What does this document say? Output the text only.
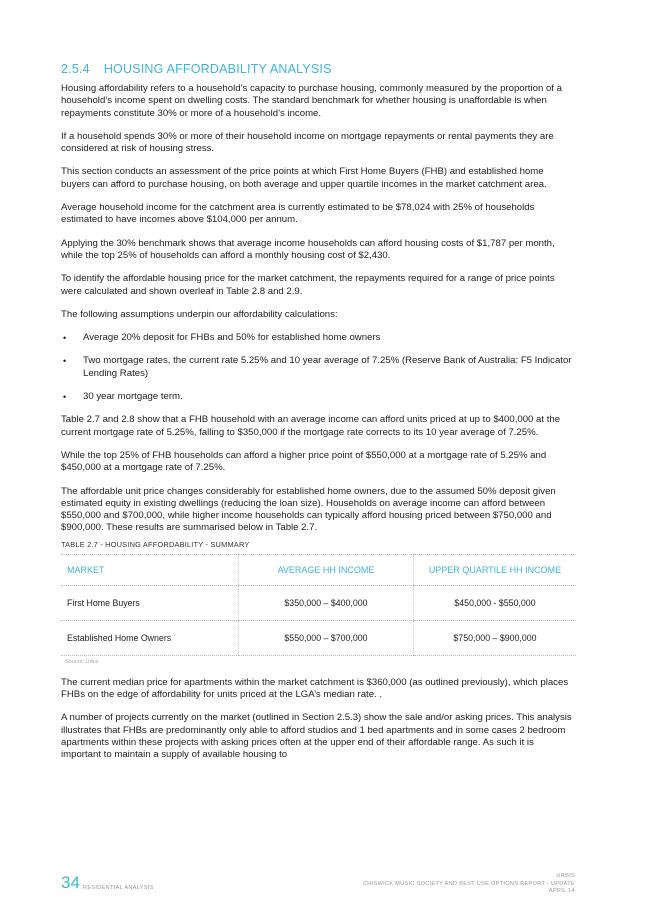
2.5.4 HOUSING AFFORDABILITY ANALYSIS

Housing affordability refers to a household’s capacity to purchase housing, commonly measured by the proportion of a household’s income spent on dwelling costs. The standard benchmark for whether housing is unaffordable is when repayments constitute 30% or more of a household’s income.

If a household spends 30% or more of their household income on mortgage repayments or rental payments they are considered at risk of housing stress.

This section conducts an assessment of the price points at which First Home Buyers (FHB) and established home buyers can afford to purchase housing, on both average and upper quartile incomes in the market catchment area.

Average household income for the catchment area is currently estimated to be $78,024 with 25% of households estimated to have incomes above $104,000 per annum.

Applying the 30% benchmark shows that average income households can afford housing costs of $1,787 per month, while the top 25% of households can afford a monthly housing cost of $2,430.

To identify the affordable housing price for the market catchment, the repayments required for a range of price points were calculated and shown overleaf in Table 2.8 and 2.9.

The following assumptions underpin our affordability calculations:

• Average 20% deposit for FHBs and 50% for established home owners
• Two mortgage rates, the current rate 5.25% and 10 year average of 7.25% (Reserve Bank of Australia: F5 Indicator Lending Rates)
• 30 year mortgage term.

Table 2.7 and 2.8 show that a FHB household with an average income can afford units priced at up to $400,000 at the current mortgage rate of 5.25%, falling to $350,000 if the mortgage rate corrects to its 10 year average of 7.25%.

While the top 25% of FHB households can afford a higher price point of $550,000 at a mortgage rate of 5.25% and $450,000 at a mortgage rate of 7.25%.

The affordable unit price changes considerably for established home owners, due to the assumed 50% deposit given estimated equity in existing dwellings (reducing the loan size). Households on average income can afford between $550,000 and $700,000, while higher income households can typically afford housing priced between $750,000 and $900,000. These results are summarised below in Table 2.7.

TABLE 2.7 - HOUSING AFFORDABILITY - SUMMARY
MARKET	AVERAGE HH INCOME	UPPER QUARTILE HH INCOME
First Home Buyers	$350,000 – $400,000	$450,000 - $550,000
Established Home Owners	$550,000 – $700,000	$750,000 – $900,000
Source: Urbis

The current median price for apartments within the market catchment is $360,000 (as outlined previously), which places FHBs on the edge of affordability for units priced at the LGA’s median rate. .

A number of projects currently on the market (outlined in Section 2.5.3) show the sale and/or asking prices. This analysis illustrates that FHBs are predominantly only able to afford studios and 1 bed apartments and in some cases 2 bedroom apartments within these projects with asking prices often at the upper end of their affordable range. As such it is important to maintain a supply of available housing to

34 RESIDENTIAL ANALYSIS
URBIS
CHISWICK MUSIC SOCIETY AND BEST USE OPTIONS REPORT - UPDATE
APRIL 14
